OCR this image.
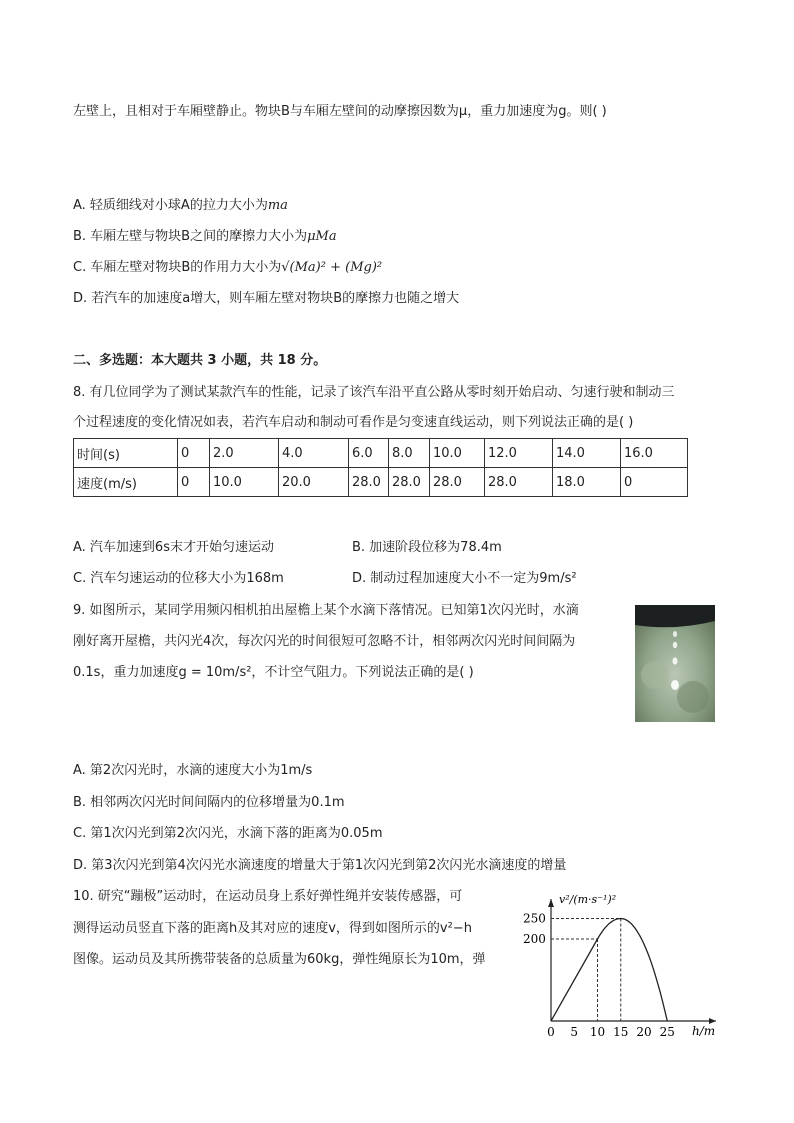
左壁上，且相对于车厢壁静止。物块B与车厢左壁间的动摩擦因数为μ，重力加速度为g。则( )
A. 轻质细线对小球A的拉力大小为ma
B. 车厢左壁与物块B之间的摩擦力大小为μMa
C. 车厢左壁对物块B的作用力大小为√(Ma)² + (Mg)²
D. 若汽车的加速度a增大，则车厢左壁对物块B的摩擦力也随之增大
二、多选题：本大题共 3 小题，共 18 分。
8. 有几位同学为了测试某款汽车的性能，记录了该汽车沿平直公路从零时刻开始启动、匀速行驶和制动三
个过程速度的变化情况如表，若汽车启动和制动可看作是匀变速直线运动，则下列说法正确的是( )
时间(s)	0	2.0	4.0	6.0	8.0	10.0	12.0	14.0	16.0
速度(m/s)	0	10.0	20.0	28.0	28.0	28.0	28.0	18.0	0
A. 汽车加速到6s末才开始匀速运动	B. 加速阶段位移为78.4m
C. 汽车匀速运动的位移大小为168m	D. 制动过程加速度大小不一定为9m/s²
9. 如图所示，某同学用频闪相机拍出屋檐上某个水滴下落情况。已知第1次闪光时，水滴
刚好离开屋檐，共闪光4次，每次闪光的时间很短可忽略不计，相邻两次闪光时间间隔为
0.1s，重力加速度g = 10m/s²，不计空气阻力。下列说法正确的是( )
A. 第2次闪光时，水滴的速度大小为1m/s
B. 相邻两次闪光时间间隔内的位移增量为0.1m
C. 第1次闪光到第2次闪光，水滴下落的距离为0.05m
D. 第3次闪光到第4次闪光水滴速度的增量大于第1次闪光到第2次闪光水滴速度的增量
10. 研究“蹦极”运动时，在运动员身上系好弹性绳并安装传感器，可
测得运动员竖直下落的距离h及其对应的速度v，得到如图所示的v²−h
图像。运动员及其所携带装备的总质量为60kg，弹性绳原长为10m，弹
v²/(m·s⁻¹)²
h/m
250
200
0 5 10 15 20 25
